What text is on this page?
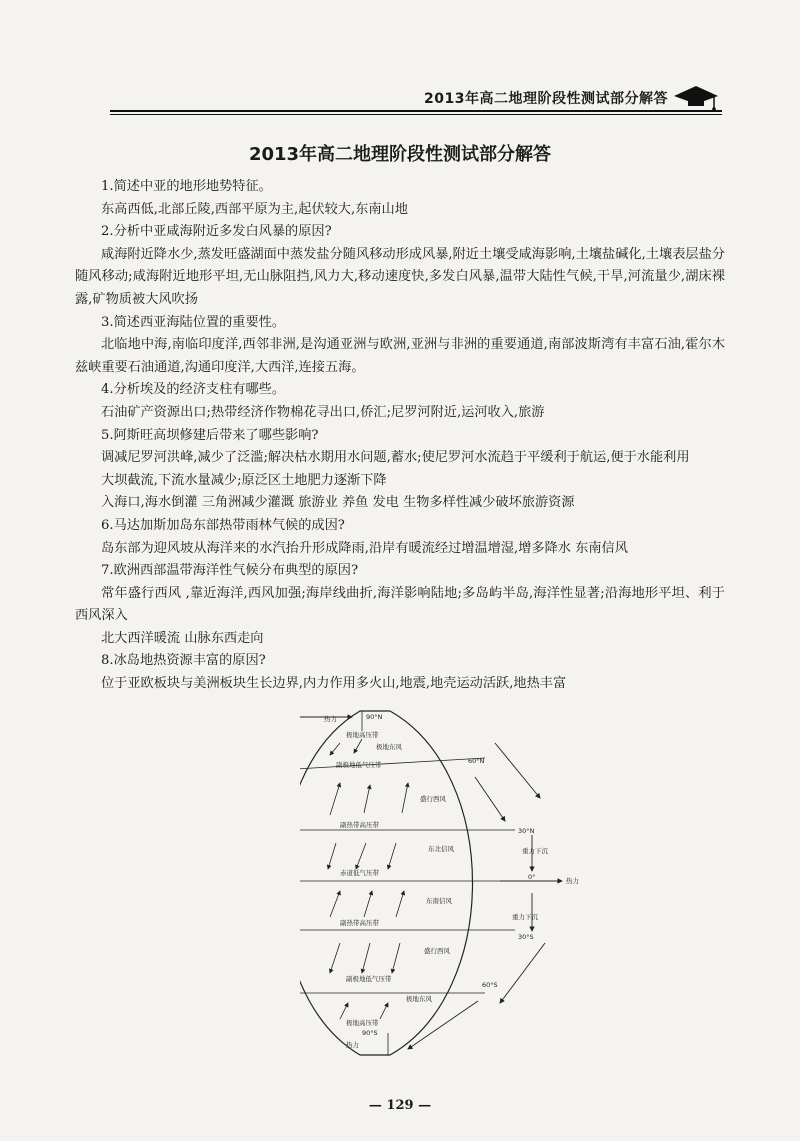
2013年高二地理阶段性测试部分解答
2013年高二地理阶段性测试部分解答

1.简述中亚的地形地势特征。

东高西低,北部丘陵,西部平原为主,起伏较大,东南山地

2.分析中亚咸海附近多发白风暴的原因?

咸海附近降水少,蒸发旺盛湖面中蒸发盐分随风移动形成风暴,附近土壤受咸海影响,土壤盐碱化,土壤表层盐分随风移动;咸海附近地形平坦,无山脉阻挡,风力大,移动速度快,多发白风暴,温带大陆性气候,干旱,河流量少,湖床裸露,矿物质被大风吹扬

3.简述西亚海陆位置的重要性。

北临地中海,南临印度洋,西邻非洲,是沟通亚洲与欧洲,亚洲与非洲的重要通道,南部波斯湾有丰富石油,霍尔木兹峡重要石油通道,沟通印度洋,大西洋,连接五海。

4.分析埃及的经济支柱有哪些。

石油矿产资源出口;热带经济作物棉花寻出口,侨汇;尼罗河附近,运河收入,旅游

5.阿斯旺高坝修建后带来了哪些影响?

调减尼罗河洪峰,减少了泛滥;解决枯水期用水问题,蓄水;使尼罗河水流趋于平缓利于航运,便于水能利用

大坝截流,下流水量减少;原泛区土地肥力逐渐下降

入海口,海水倒灌 三角洲减少灌溉 旅游业 养鱼 发电 生物多样性减少破坏旅游资源

6.马达加斯加岛东部热带雨林气候的成因?

岛东部为迎风坡从海洋来的水汽抬升形成降雨,沿岸有暖流经过增温增湿,增多降水 东南信风

7.欧洲西部温带海洋性气候分布典型的原因?

常年盛行西风 ,靠近海洋,西风加强;海岸线曲折,海洋影响陆地;多岛屿半岛,海洋性显著;沿海地形平坦、利于西风深入

北大西洋暖流 山脉东西走向

8.冰岛地热资源丰富的原因?

位于亚欧板块与美洲板块生长边界,内力作用多火山,地震,地壳运动活跃,地热丰富

90°N
60°N
30°N
0°
30°S
60°S
90°S
极地高压带
副极地低气压带
副热带高压带
赤道低气压带
副热带高压带
副极地低气压带
极地高压带
极地东风
盛行西风
东北信风
东南信风
盛行西风
极地东风
热力
重力下沉
热力
重力下沉
热力
— 129 —
